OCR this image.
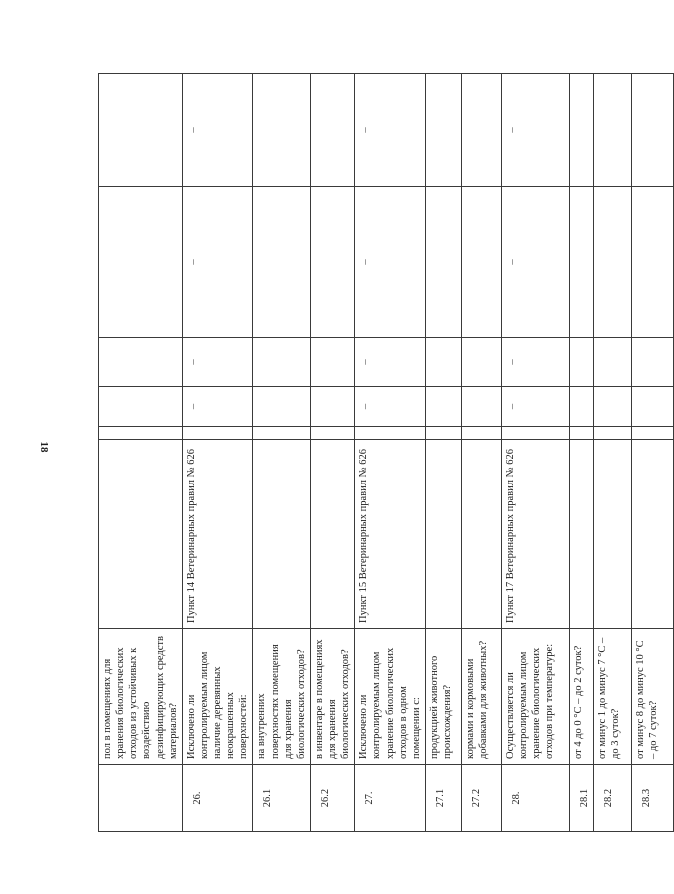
18
	пол в помещениях для хранения биологических отходов из устойчивых к воздействию дезинфицирующих средств материалов?						
26.	Исключено ли контролируемым лицом наличие деревянных неокрашенных поверхностей:	Пункт 14 Ветеринарных правил № 626		–	–	–	–
26.1	на внутренних поверхностях помещения для хранения биологических отходов?						
26.2	в инвентаре в помещениях для хранения биологических отходов?						
27.	Исключено ли контролируемым лицом хранение биологических отходов в одном помещении с:	Пункт 15 Ветеринарных правил № 626		–	–	–	–
27.1	продукцией животного происхождения?						
27.2	кормами и кормовыми добавками для животных?						
28.	Осуществляется ли контролируемым лицом хранение биологических отходов при температуре:	Пункт 17 Ветеринарных правил № 626		–	–	–	–
28.1	от 4 до 0 °С – до 2 суток?						
28.2	от минус 1 до минус 7 °С – до 3 суток?						
28.3	от минус 8 до минус 10 °С – до 7 суток?						
